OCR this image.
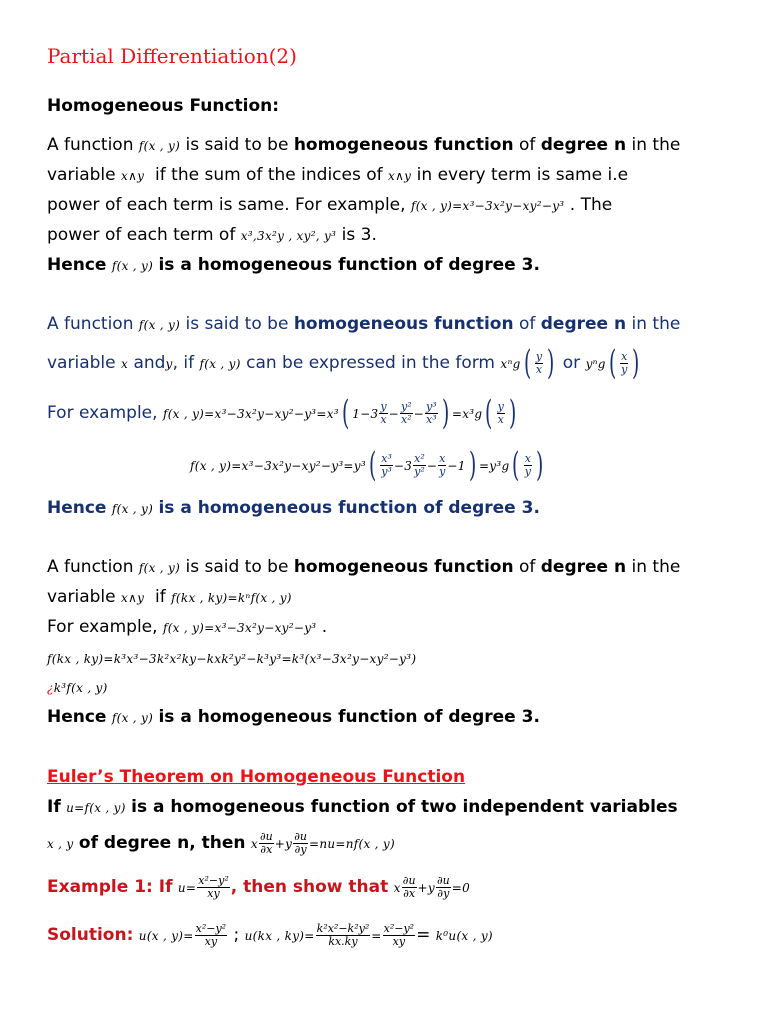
Partial Differentiation(2)
Homogeneous Function:
A function f(x , y) is said to be homogeneous function of degree n in the
variable x∧y if the sum of the indices of x∧y in every term is same i.e
power of each term is same. For example, f(x , y)=x³−3x²y−xy²−y³ . The
power of each term of x³,3x²y , xy², y³ is 3.
Hence f(x , y) is a homogeneous function of degree 3.
A function f(x , y) is said to be homogeneous function of degree n in the
variable x andy, if f(x , y) can be expressed in the form $x^ng( \frac{y}{x}$ ) or $y^ng( \frac{x}{y}$ )
For example, f(x , y)=x³−3x²y−xy²−y³=x³( $1-3 \frac{y}{x} - \frac{\text{y²}}{\text{x²}} - \frac{\text{y³}}{\text{x³}}$ ) $=x^3g( \frac{y}{x}$ )
f(x , $y)=x^3-3x^2y-xy^2-y^3=y^3( \frac{\text{x³}}{\text{y³}} -3 \frac{\text{x²}}{\text{y²}} - \frac{x}{y} -1) =y^3g( \frac{x}{y}$ )
Hence f(x , y) is a homogeneous function of degree 3.
A function f(x , y) is said to be homogeneous function of degree n in the
variable x∧y if f(kx , ky)=kⁿf(x , y)
For example, f(x , y)=x³−3x²y−xy²−y³ .
f(kx , ky)=k³x³−3k²x²ky−kxk²y²−k³y³=k³(x³−3x²y−xy²−y³)
¿k³f(x , y)
Hence f(x , y) is a homogeneous function of degree 3.
Euler’s Theorem on Homogeneous Function
If u=f(x , y) is a homogeneous function of two independent variables
x , y of degree n, then x $\frac{\partial u}{\partial x} +y \frac{\partial u}{\partial y} =nu=nf(x$ , y)
Example 1: If $u= \frac{\text{x²−y²}}{xy}$ , then show that x $\frac{\partial u}{\partial x} +y \frac{\partial u}{\partial y} =0$
Solution: u(x , $y)= \frac{\text{x²−y²}}{xy}$ ; u(kx , $ky)= \frac{\text{k²x²−k²y²}}{kx.ky} = \frac{\text{x²−y²}}{xy} = k^0u(x$ , y)
